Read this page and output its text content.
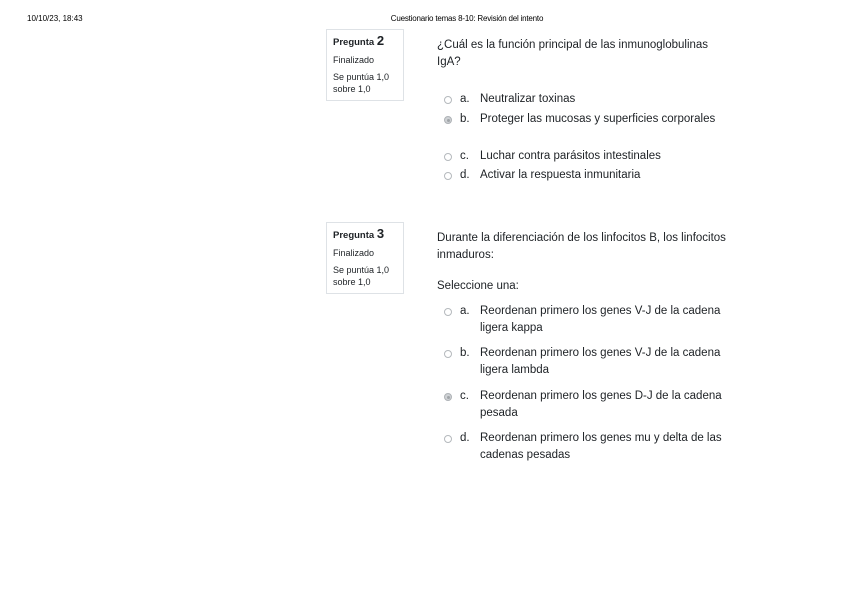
10/10/23, 18:43	Cuestionario temas 8-10: Revisión del intento
Pregunta 2
Finalizado
Se puntúa 1,0 sobre 1,0
¿Cuál es la función principal de las inmunoglobulinas IgA?
a. Neutralizar toxinas
b. Proteger las mucosas y superficies corporales
c. Luchar contra parásitos intestinales
d. Activar la respuesta inmunitaria
Pregunta 3
Finalizado
Se puntúa 1,0 sobre 1,0
Durante la diferenciación de los linfocitos B, los linfocitos inmaduros:
Seleccione una:
a. Reordenan primero los genes V-J de la cadena ligera kappa
b. Reordenan primero los genes V-J de la cadena ligera lambda
c. Reordenan primero los genes D-J de la cadena pesada
d. Reordenan primero los genes mu y delta de las cadenas pesadas
